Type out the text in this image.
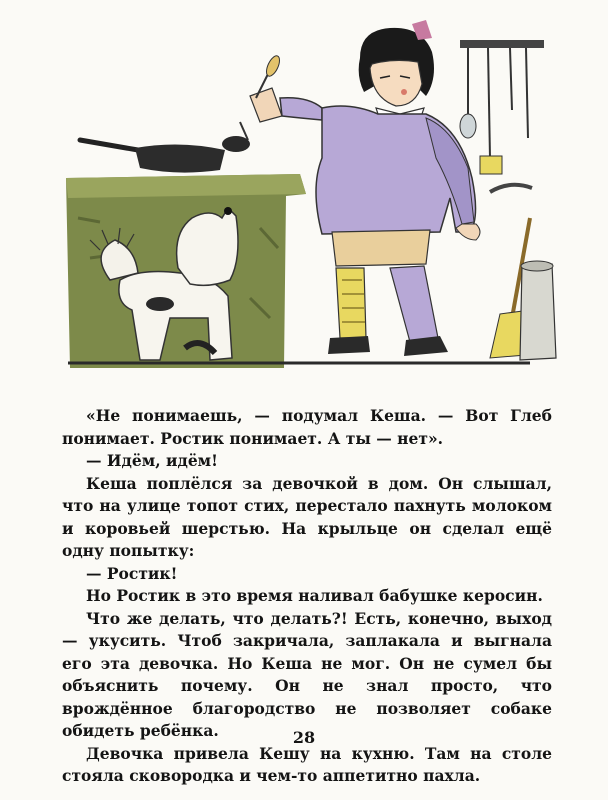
«Не понимаешь, — подумал Кеша. — Вот Глеб понимает. Ростик понимает. А ты — нет».

— Идём, идём!

Кеша поплёлся за девочкой в дом. Он слышал, что на улице топот стих, перестало пахнуть молоком и коровьей шерстью. На крыльце он сделал ещё одну попытку:

— Ростик!

Но Ростик в это время наливал бабушке керосин.

Что же делать, что делать?! Есть, конечно, выход — укусить. Чтоб закричала, заплакала и выгнала его эта девочка. Но Кеша не мог. Он не сумел бы объяснить почему. Он не знал просто, что врождённое благородство не позволяет собаке обидеть ребёнка.

Девочка привела Кешу на кухню. Там на столе стояла сковородка и чем-то аппетитно пахла.

28
